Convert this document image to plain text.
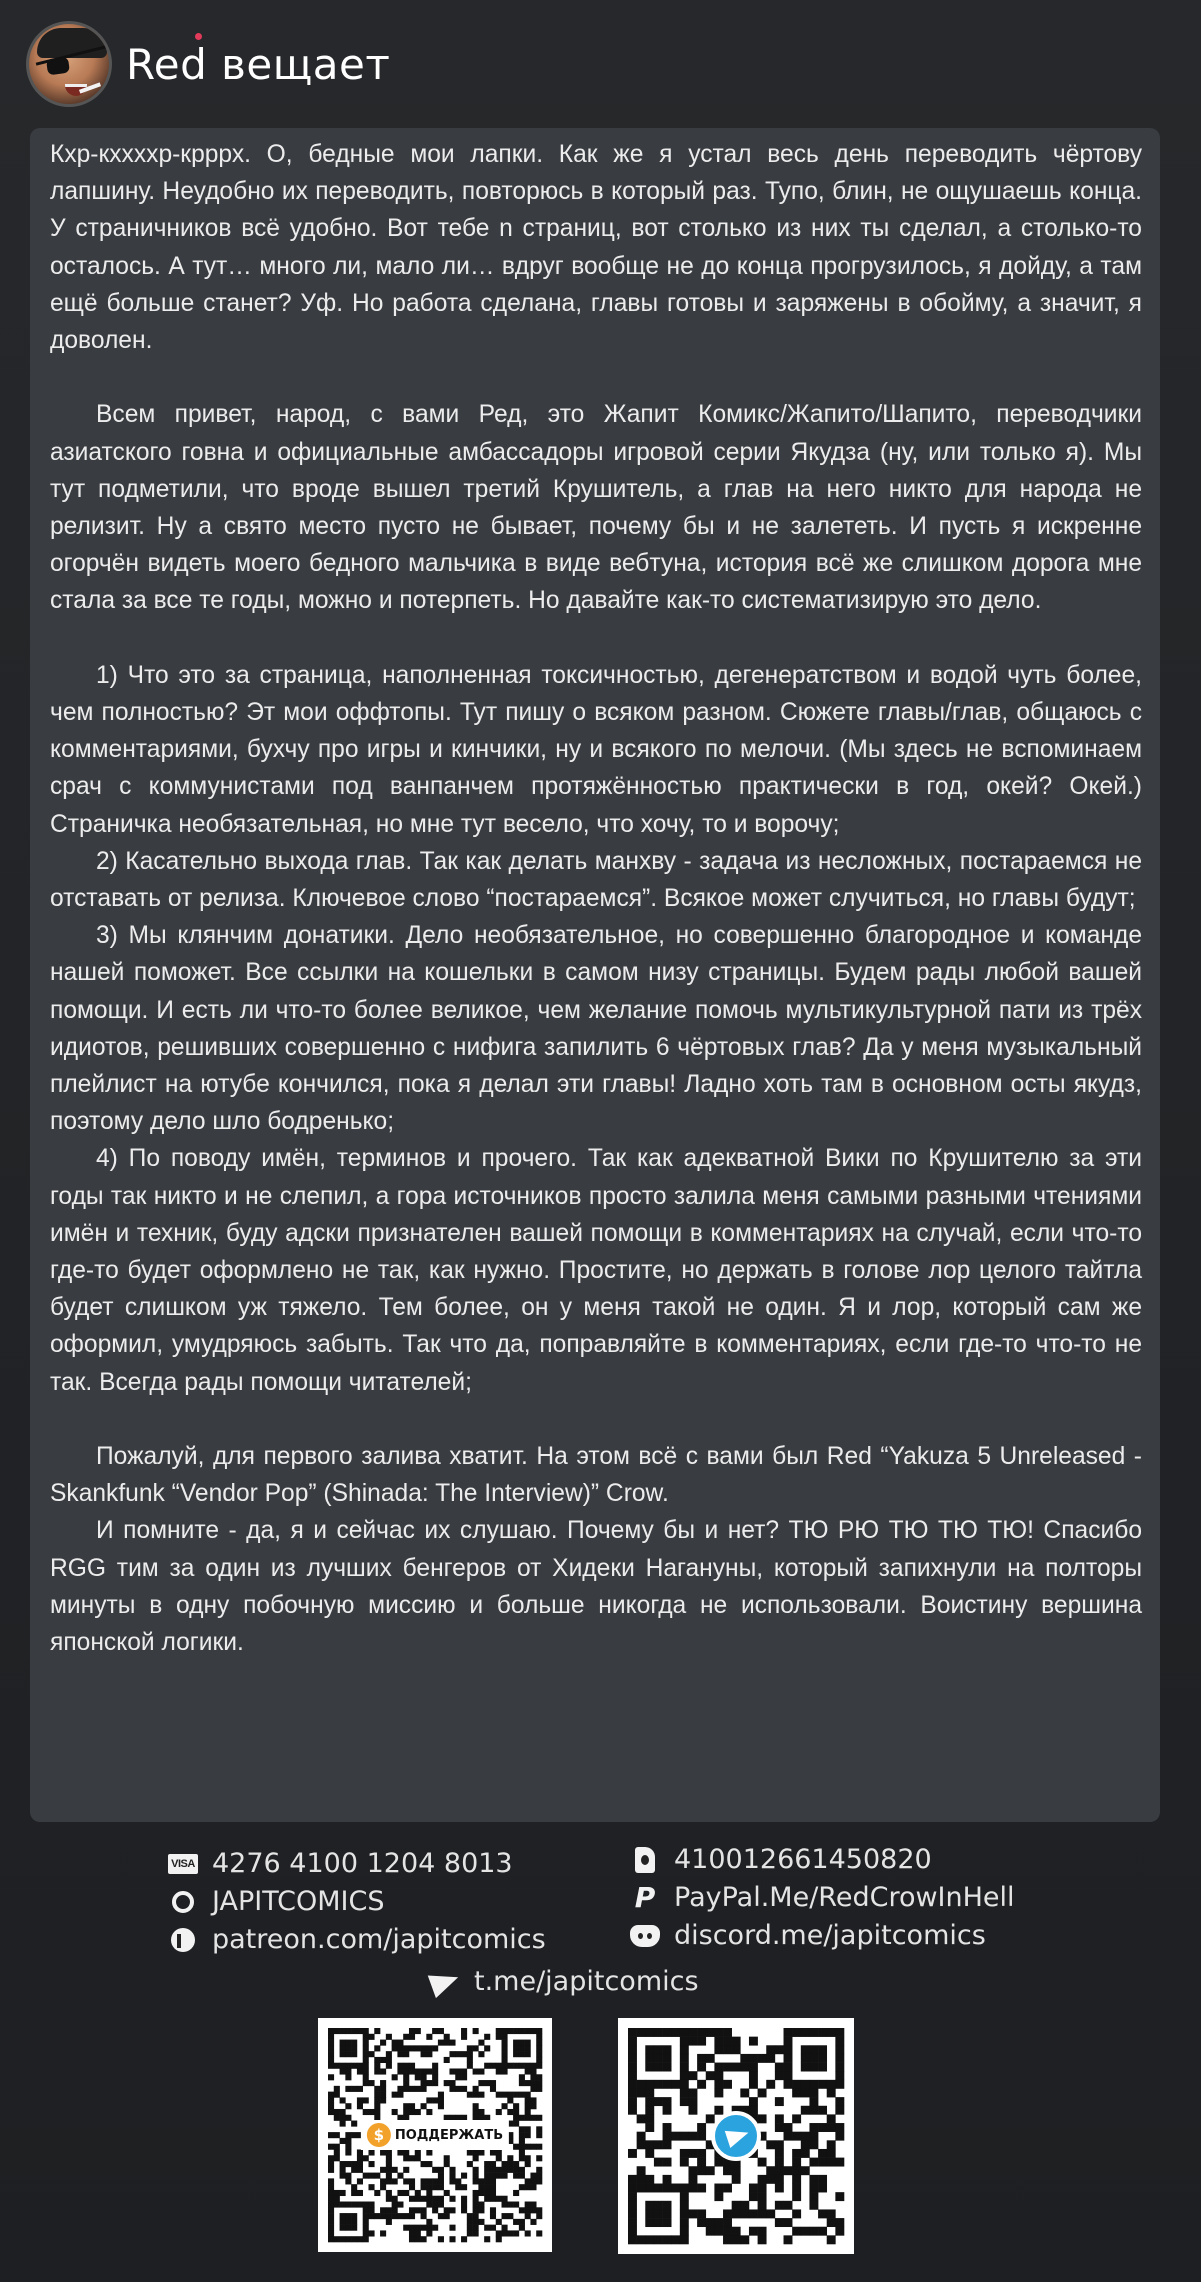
Red вещает

Кхр-кхххxр-крррх. О, бедные мои лапки. Как же я устал весь день переводить чёртову лапшину. Неудобно их переводить, повторюсь в который раз. Тупо, блин, не ощушаешь конца. У страничников всё удобно. Вот тебе n страниц, вот столько из них ты сделал, а столько-то осталось. А тут… много ли, мало ли… вдруг вообще не до конца прогрузилось, я дойду, а там ещё больше станет? Уф. Но работа сделана, главы готовы и заряжены в обойму, а значит, я доволен.

Всем привет, народ, с вами Ред, это Жапит Комикс/Жапито/Шапито, переводчики азиатского говна и официальные амбассадоры игровой серии Якудза (ну, или только я). Мы тут подметили, что вроде вышел третий Крушитель, а глав на него никто для народа не релизит. Ну а свято место пусто не бывает, почему бы и не залететь. И пусть я искренне огорчён видеть моего бедного мальчика в виде вебтуна, история всё же слишком дорога мне стала за все те годы, можно и потерпеть. Но давайте как-то систематизирую это дело.

1) Что это за страница, наполненная токсичностью, дегенератством и водой чуть более, чем полностью? Эт мои оффтопы. Тут пишу о всяком разном. Сюжете главы/глав, общаюсь с комментариями, бухчу про игры и кинчики, ну и всякого по мелочи. (Мы здесь не вспоминаем срач с коммунистами под ванпанчем протяжённостью практически в год, окей? Окей.) Страничка необязательная, но мне тут весело, что хочу, то и ворочу;

2) Касательно выхода глав. Так как делать манхву - задача из несложных, постараемся не отставать от релиза. Ключевое слово “постараемся”. Всякое может случиться, но главы будут;

3) Мы клянчим донатики. Дело необязательное, но совершенно благородное и команде нашей поможет. Все ссылки на кошельки в самом низу страницы. Будем рады любой вашей помощи. И есть ли что-то более великое, чем желание помочь мультикультурной пати из трёх идиотов, решивших совершенно с нифига запилить 6 чёртовых глав? Да у меня музыкальный плейлист на ютубе кончился, пока я делал эти главы! Ладно хоть там в основном осты якудз, поэтому дело шло бодренько;

4) По поводу имён, терминов и прочего. Так как адекватной Вики по Крушителю за эти годы так никто и не слепил, а гора источников просто залила меня самыми разными чтениями имён и техник, буду адски признателен вашей помощи в комментариях на случай, если что-то где-то будет оформлено не так, как нужно. Простите, но держать в голове лор целого тайтла будет слишком уж тяжело. Тем более, он у меня такой не один. Я и лор, который сам же оформил, умудряюсь забыть. Так что да, поправляйте в комментариях, если где-то что-то не так. Всегда рады помощи читателей;

Пожалуй, для первого залива хватит. На этом всё с вами был Red “Yakuza 5 Unreleased - Skankfunk “Vendor Pop” (Shinada: The Interview)” Crow.

И помните - да, я и сейчас их слушаю. Почему бы и нет? ТЮ РЮ ТЮ ТЮ ТЮ! Спасибо RGG тим за один из лучших бенгеров от Хидеки Нагануны, который запихнули на полторы минуты в одну побочную миссию и больше никогда не использовали. Воистину вершина японской логики.

VISA 4276 4100 1204 8013
JAPITCOMICS
patreon.com/japitcomics
410012661450820
P PayPal.Me/RedCrowInHell
discord.me/japitcomics
t.me/japitcomics
$ ПОДДЕРЖАТЬ
